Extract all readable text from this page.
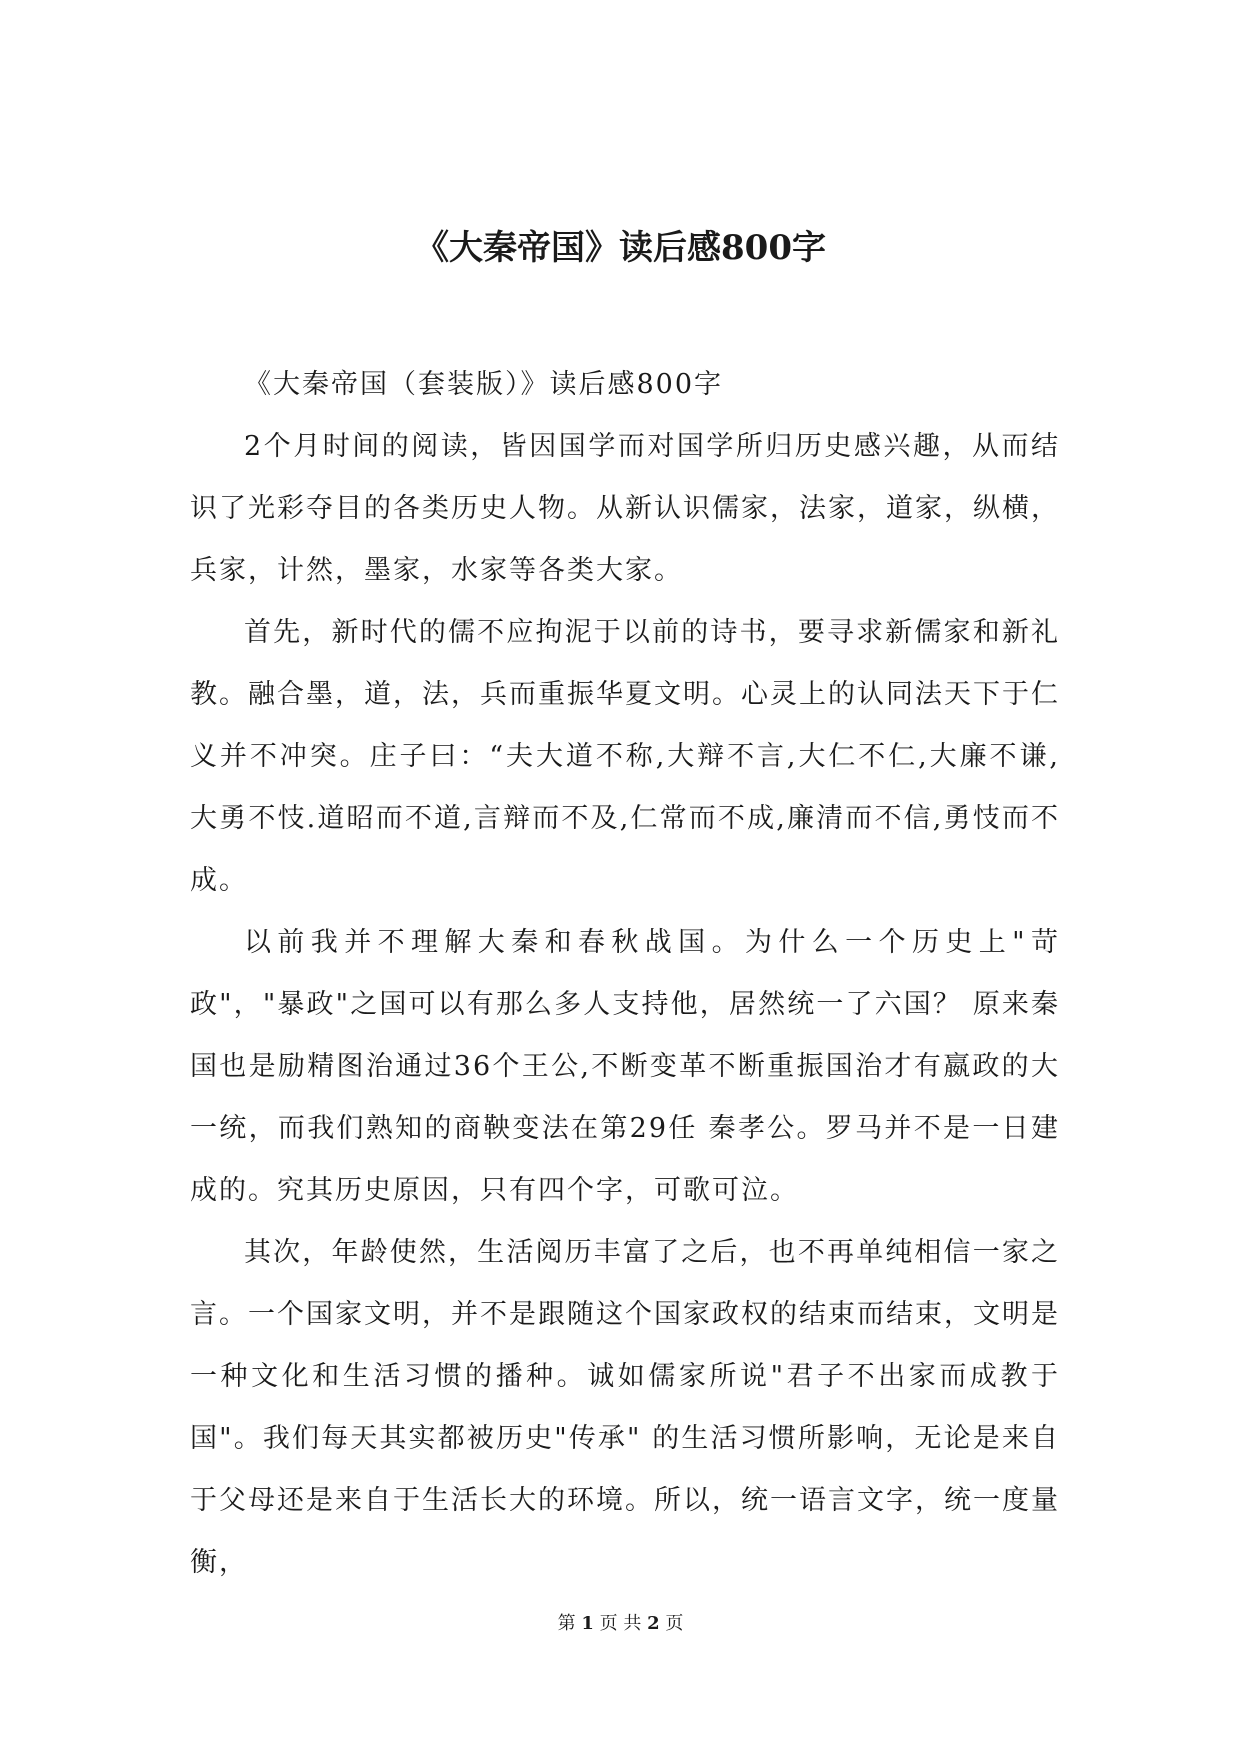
《大秦帝国》读后感800字

《大秦帝国（套装版）》读后感800字

2个月时间的阅读，皆因国学而对国学所归历史感兴趣，从而结识了光彩夺目的各类历史人物。从新认识儒家，法家，道家，纵横，兵家，计然，墨家，水家等各类大家。

首先，新时代的儒不应拘泥于以前的诗书，要寻求新儒家和新礼教。融合墨，道，法，兵而重振华夏文明。心灵上的认同法天下于仁义并不冲突。庄子曰：“夫大道不称,大辩不言,大仁不仁,大廉不谦,大勇不忮.道昭而不道,言辩而不及,仁常而不成,廉清而不信,勇忮而不成。

以前我并不理解大秦和春秋战国。为什么一个历史上"苛政"，"暴政"之国可以有那么多人支持他，居然统一了六国？ 原来秦国也是励精图治通过36个王公,不断变革不断重振国治才有嬴政的大一统，而我们熟知的商鞅变法在第29任 秦孝公。罗马并不是一日建成的。究其历史原因，只有四个字，可歌可泣。

其次，年龄使然，生活阅历丰富了之后，也不再单纯相信一家之言。一个国家文明，并不是跟随这个国家政权的结束而结束，文明是一种文化和生活习惯的播种。诚如儒家所说"君子不出家而成教于国"。我们每天其实都被历史"传承" 的生活习惯所影响，无论是来自于父母还是来自于生活长大的环境。所以，统一语言文字，统一度量衡，

第 1 页 共 2 页
